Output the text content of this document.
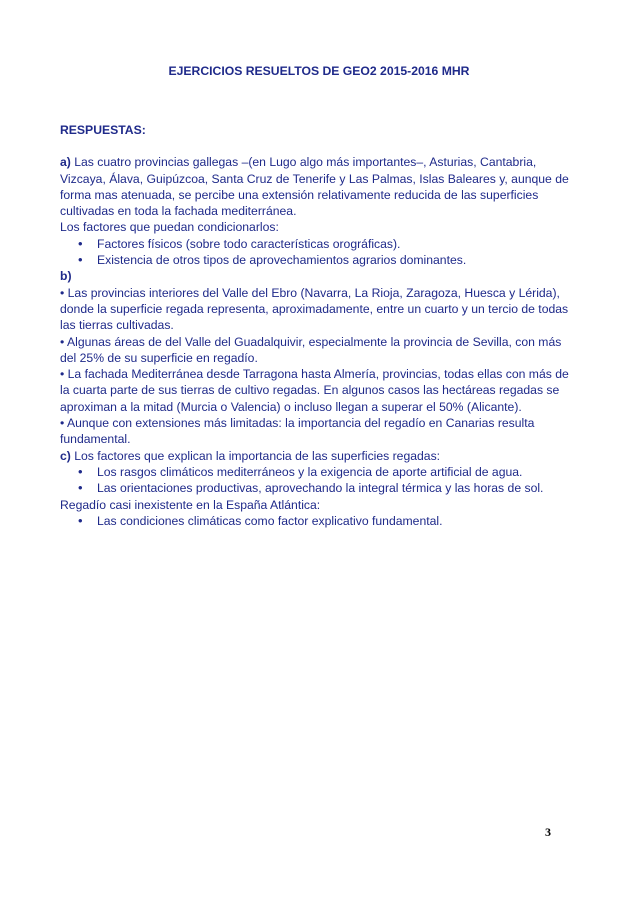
EJERCICIOS RESUELTOS DE GEO2 2015-2016 MHR

RESPUESTAS:

a) Las cuatro provincias gallegas –(en Lugo algo más importantes–, Asturias, Cantabria, Vizcaya, Álava, Guipúzcoa, Santa Cruz de Tenerife y Las Palmas, Islas Baleares y, aunque de forma mas atenuada, se percibe una extensión relativamente reducida de las superficies cultivadas en toda la fachada mediterránea.

Los factores que puedan condicionarlos:

• Factores físicos (sobre todo características orográficas).
• Existencia de otros tipos de aprovechamientos agrarios dominantes.

b)

• Las provincias interiores del Valle del Ebro (Navarra, La Rioja, Zaragoza, Huesca y Lérida), donde la superficie regada representa, aproximadamente, entre un cuarto y un tercio de todas las tierras cultivadas.

• Algunas áreas de del Valle del Guadalquivir, especialmente la provincia de Sevilla, con más del 25% de su superficie en regadío.

• La fachada Mediterránea desde Tarragona hasta Almería, provincias, todas ellas con más de la cuarta parte de sus tierras de cultivo regadas. En algunos casos las hectáreas regadas se aproximan a la mitad (Murcia o Valencia) o incluso llegan a superar el 50% (Alicante).

• Aunque con extensiones más limitadas: la importancia del regadío en Canarias resulta fundamental.

c) Los factores que explican la importancia de las superficies regadas:

• Los rasgos climáticos mediterráneos y la exigencia de aporte artificial de agua.
• Las orientaciones productivas, aprovechando la integral térmica y las horas de sol.

Regadío casi inexistente en la España Atlántica:

• Las condiciones climáticas como factor explicativo fundamental.
3
